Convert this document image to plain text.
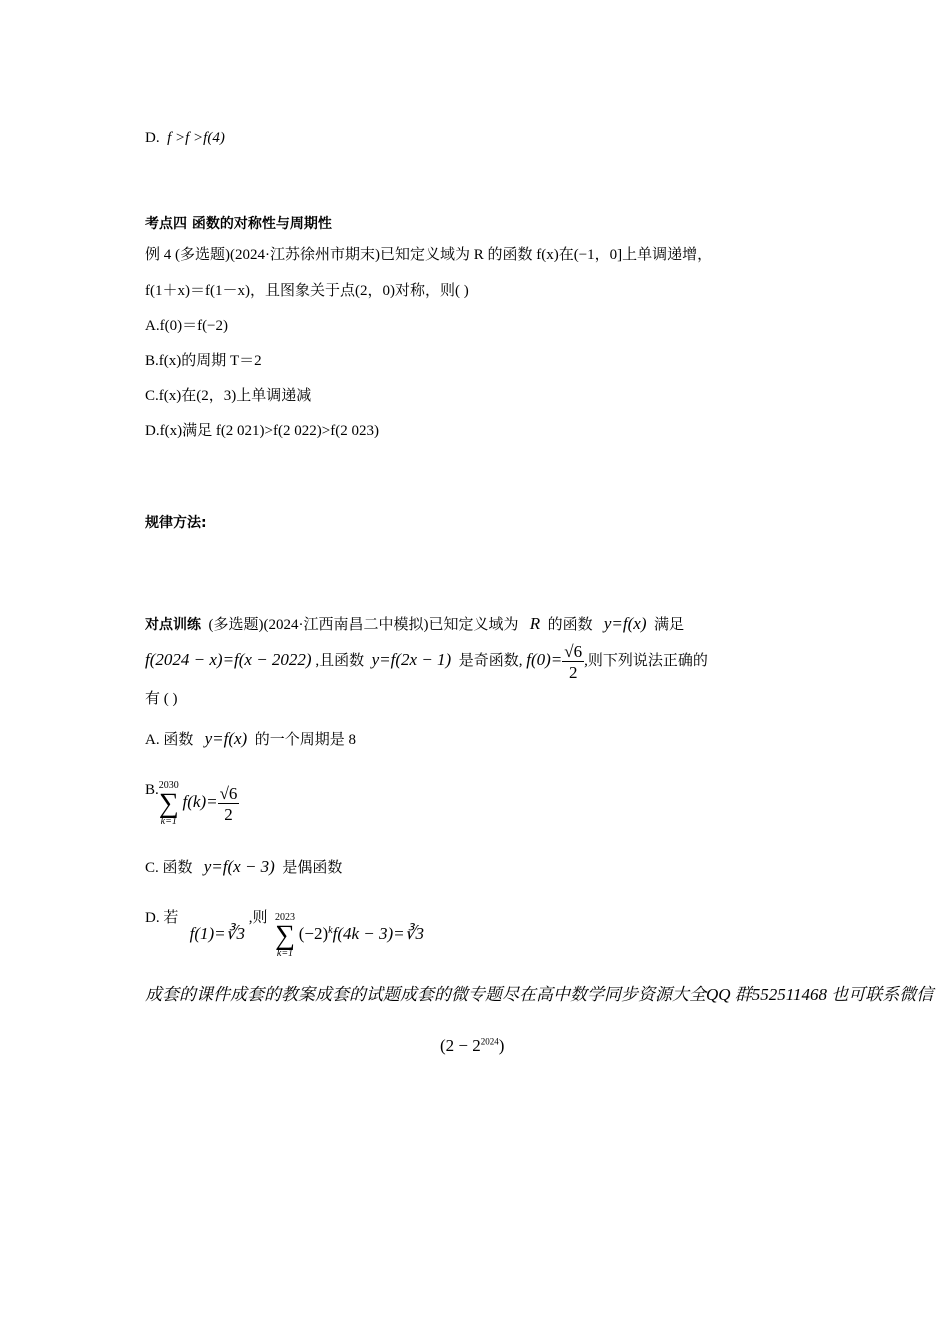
D. f >f >f(4)
考点四 函数的对称性与周期性
例 4 (多选题)(2024·江苏徐州市期末)已知定义域为 R 的函数 f(x)在(−1，0]上单调递增，
f(1＋x)＝f(1－x)，且图象关于点(2，0)对称，则( )
A.f(0)＝f(−2)
B.f(x)的周期 T＝2
C.f(x)在(2，3)上单调递减
D.f(x)满足 f(2 021)>f(2 022)>f(2 023)
规律方法:
对点训练 (多选题)(2024·江西南昌二中模拟)已知定义域为 R 的函数 y=f(x) 满足
f(2024 − x)=f(x − 2022) ,且函数 y=f(2x − 1) 是奇函数, $f(0)= \frac{√6}{2}$ ,则下列说法正确的
有 ( )
A. 函数 y=f(x) 的一个周期是 8
B. 2030
∑
k=1
$f(k)= \frac{√6}{2}$
C. 函数 y=f(x − 3) 是偶函数
D. 若   f(1)=∛3 ,则 2023
∑
k=1
$(-2)^kf(4k$ − 3)=∛3
成套的课件成套的教案成套的试题成套的微专题尽在高中数学同步资源大全QQ 群552511468 也可联系微信
$(2 - 2^{2024})$
